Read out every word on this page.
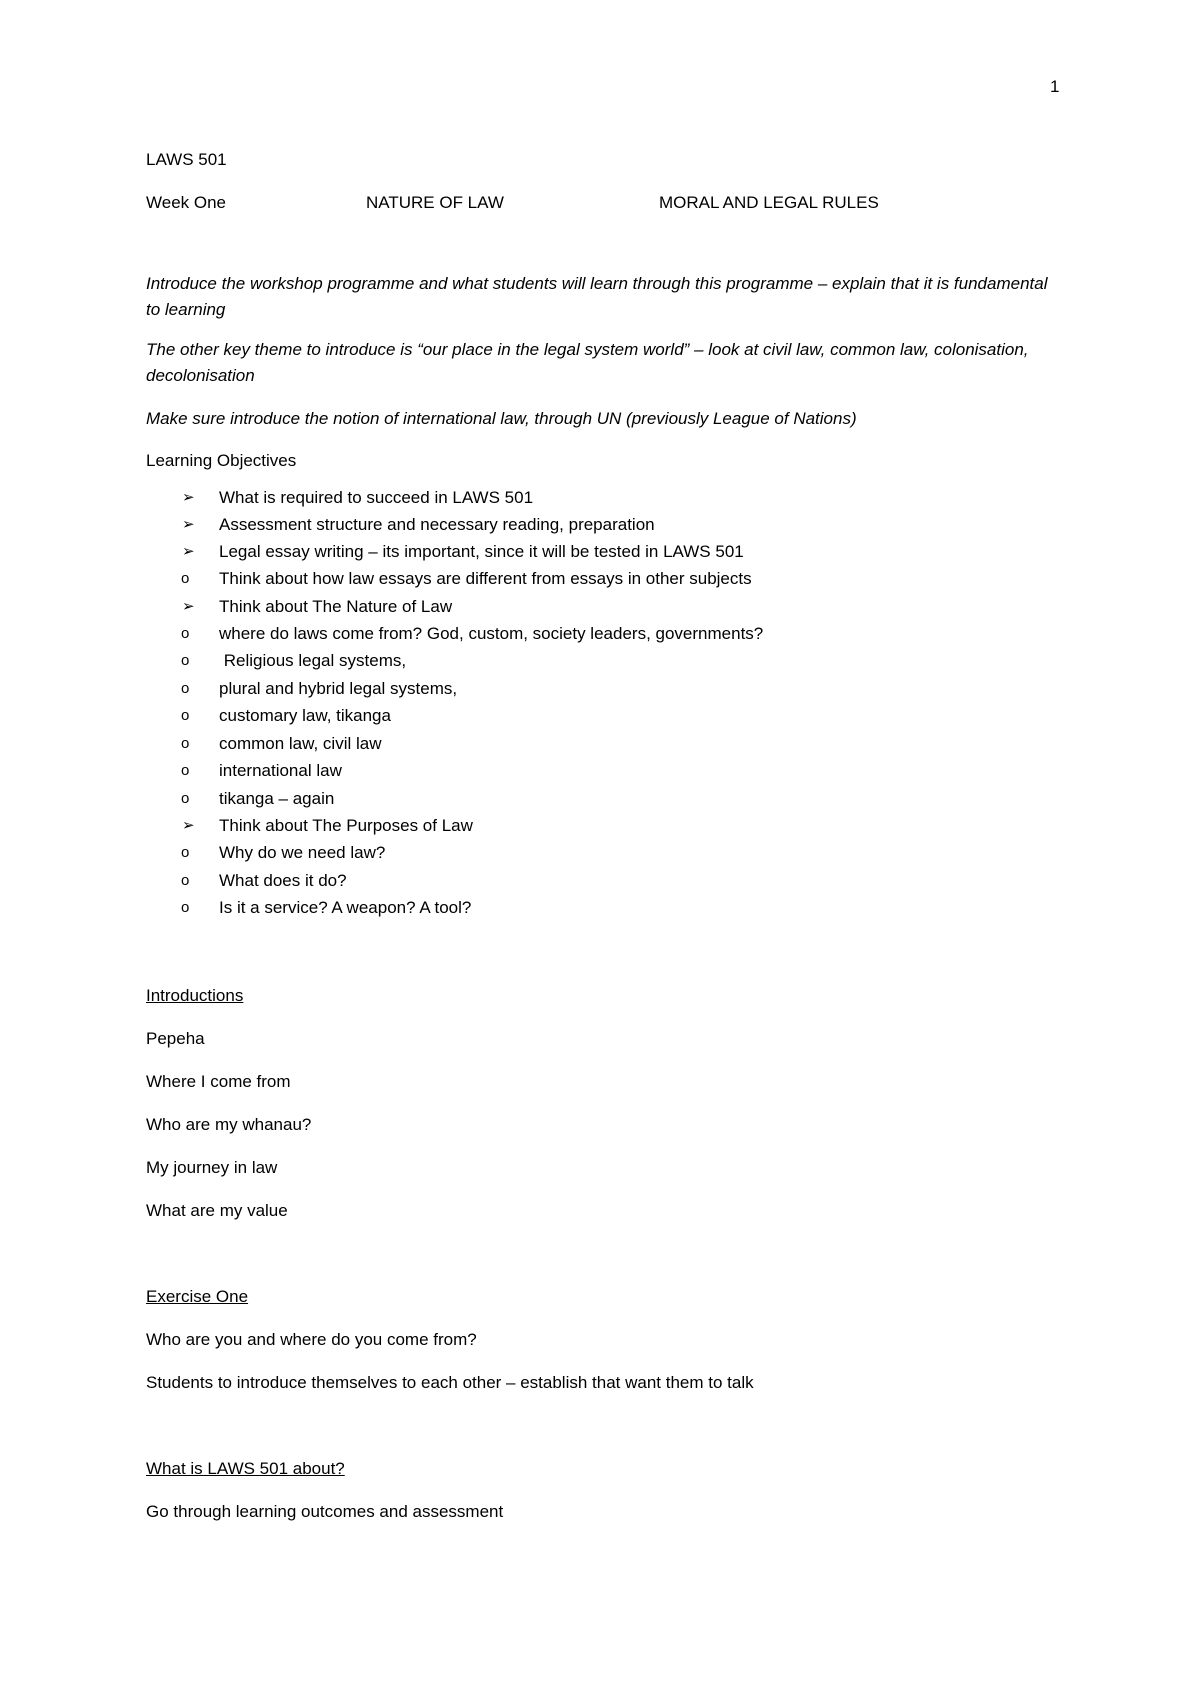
1

LAWS 501

Week One	NATURE OF LAW	MORAL AND LEGAL RULES

Introduce the workshop programme and what students will learn through this programme – explain that it is fundamental to learning

The other key theme to introduce is “our place in the legal system world” – look at civil law, common law, colonisation, decolonisation

Make sure introduce the notion of international law, through UN (previously League of Nations)

Learning Objectives

➢ What is required to succeed in LAWS 501
➢ Assessment structure and necessary reading, preparation
➢ Legal essay writing – its important, since it will be tested in LAWS 501
o Think about how law essays are different from essays in other subjects
➢ Think about The Nature of Law
o where do laws come from? God, custom, society leaders, governments?
o Religious legal systems,
o plural and hybrid legal systems,
o customary law, tikanga
o common law, civil law
o international law
o tikanga – again
➢ Think about The Purposes of Law
o Why do we need law?
o What does it do?
o Is it a service? A weapon? A tool?

Introductions

Pepeha

Where I come from

Who are my whanau?

My journey in law

What are my value

Exercise One

Who are you and where do you come from?

Students to introduce themselves to each other – establish that want them to talk

What is LAWS 501 about?

Go through learning outcomes and assessment
